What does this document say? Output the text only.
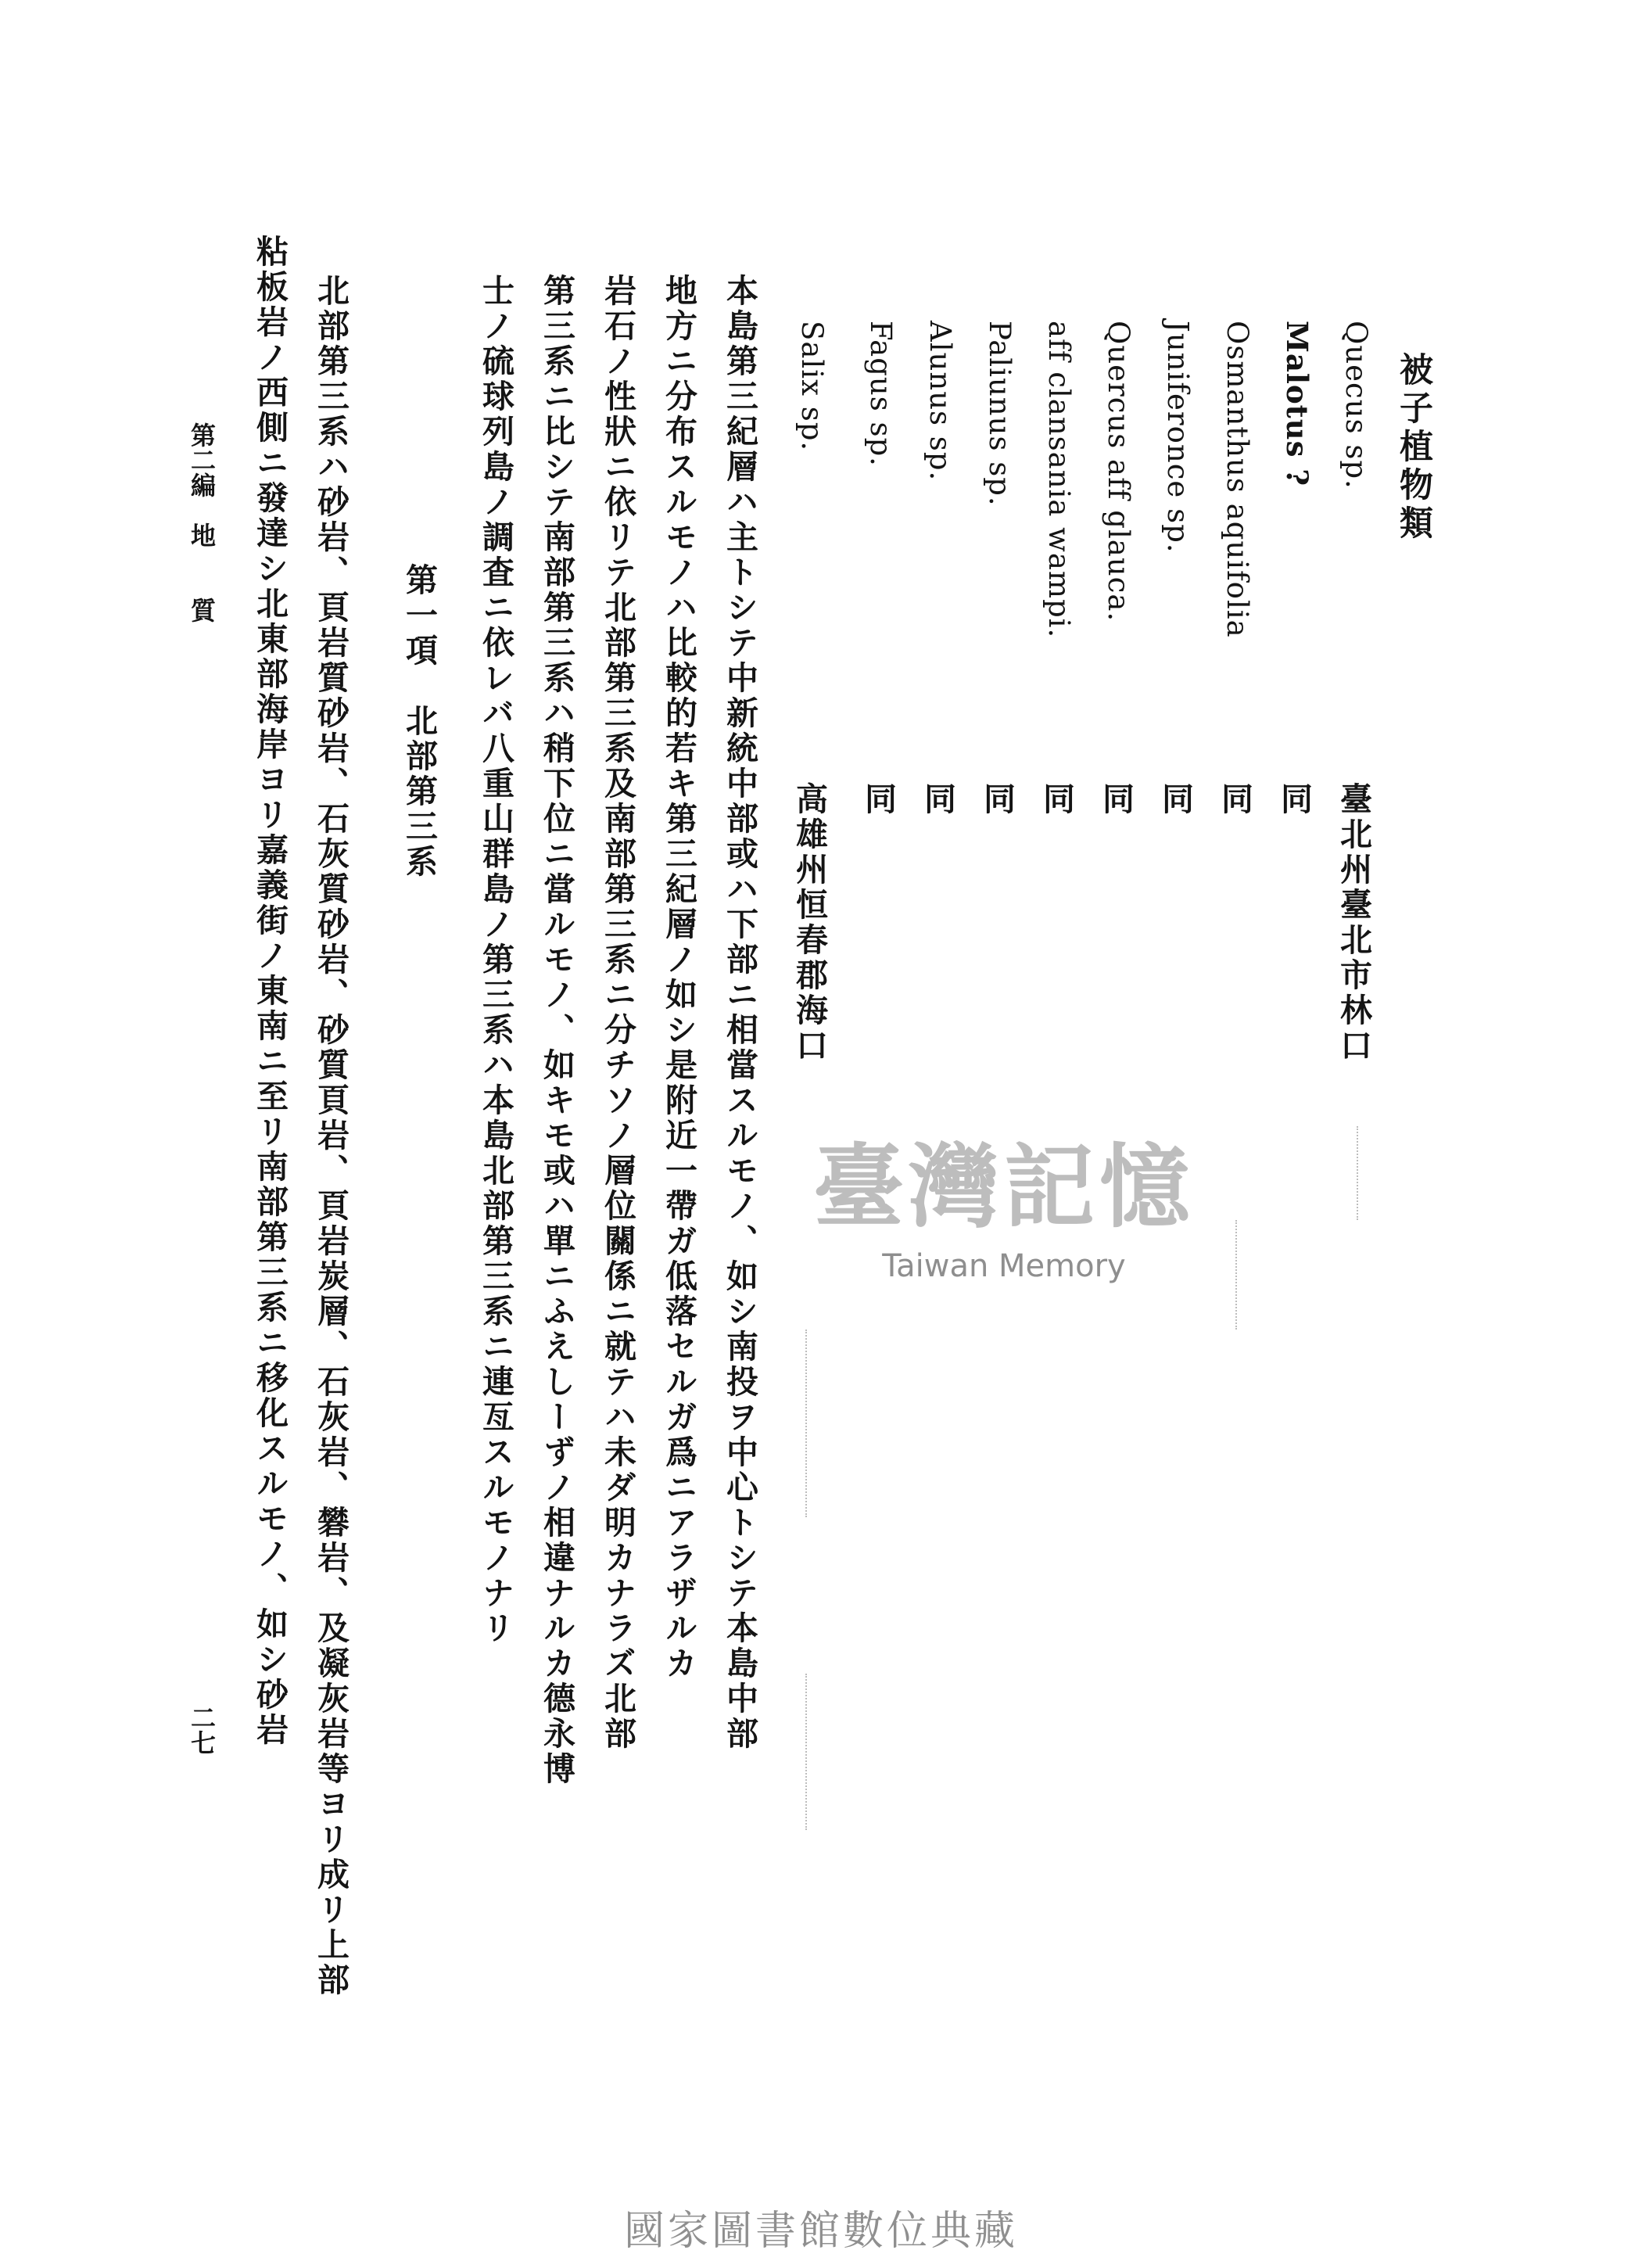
被子植物類
Quecus sp.
Malotus ?
Osmanthus aquifolia
Juniferonce sp.
Quercus aff glauca.
aff clansania wampi.
Paliunus sp.
Alunus sp.
Fagus sp.
Salix sp.
臺北州臺北市林口
同
同
同
同
同
同
同
同
高雄州恒春郡海口
本島第三紀層ハ主トシテ中新統中部或ハ下部ニ相當スルモノ、如シ南投ヲ中心トシテ本島中部
地方ニ分布スルモノハ比較的若キ第三紀層ノ如シ是附近一帶ガ低落セルガ爲ニアラザルカ
岩石ノ性狀ニ依リテ北部第三系及南部第三系ニ分チソノ層位關係ニ就テハ未ダ明カナラズ北部
第三系ニ比シテ南部第三系ハ稍下位ニ當ルモノ、如キモ或ハ單ニふえしーずノ相違ナルカ德永博
士ノ硫球列島ノ調査ニ依レバ八重山群島ノ第三系ハ本島北部第三系ニ連亙スルモノナリ
第一項　北部第三系
北部第三系ハ砂岩、頁岩質砂岩、石灰質砂岩、砂質頁岩、頁岩炭層、石灰岩、礬岩、及凝灰岩等ヨリ成リ上部
粘板岩ノ西側ニ發達シ北東部海岸ヨリ嘉義街ノ東南ニ至リ南部第三系ニ移化スルモノ、如シ砂岩
第二編　地　　質
二七
臺灣記憶
Taiwan Memory
國家圖書館數位典藏
